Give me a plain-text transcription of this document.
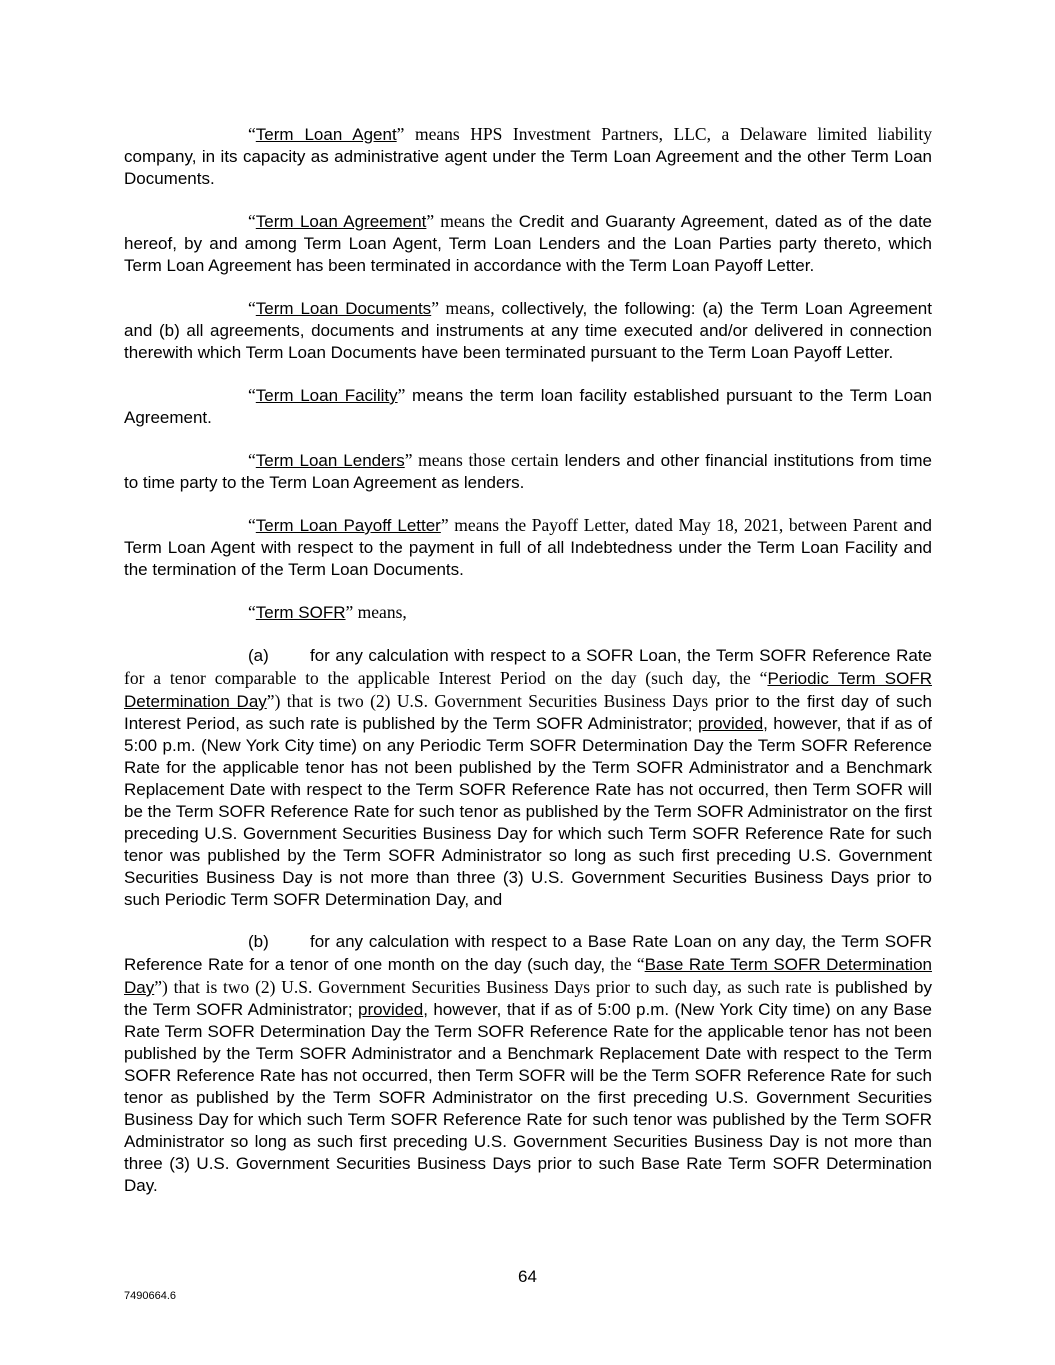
“Term Loan Agent” means HPS Investment Partners, LLC, a Delaware limited liability company, in its capacity as administrative agent under the Term Loan Agreement and the other Term Loan Documents.

“Term Loan Agreement” means the Credit and Guaranty Agreement, dated as of the date hereof, by and among Term Loan Agent, Term Loan Lenders and the Loan Parties party thereto, which Term Loan Agreement has been terminated in accordance with the Term Loan Payoff Letter.

“Term Loan Documents” means, collectively, the following: (a) the Term Loan Agreement and (b) all agreements, documents and instruments at any time executed and/or delivered in connection therewith which Term Loan Documents have been terminated pursuant to the Term Loan Payoff Letter.

“Term Loan Facility” means the term loan facility established pursuant to the Term Loan Agreement.

“Term Loan Lenders” means those certain lenders and other financial institutions from time to time party to the Term Loan Agreement as lenders.

“Term Loan Payoff Letter” means the Payoff Letter, dated May 18, 2021, between Parent and Term Loan Agent with respect to the payment in full of all Indebtedness under the Term Loan Facility and the termination of the Term Loan Documents.

“Term SOFR” means,

(a) for any calculation with respect to a SOFR Loan, the Term SOFR Reference Rate for a tenor comparable to the applicable Interest Period on the day (such day, the “Periodic Term SOFR Determination Day”) that is two (2) U.S. Government Securities Business Days prior to the first day of such Interest Period, as such rate is published by the Term SOFR Administrator; provided, however, that if as of 5:00 p.m. (New York City time) on any Periodic Term SOFR Determination Day the Term SOFR Reference Rate for the applicable tenor has not been published by the Term SOFR Administrator and a Benchmark Replacement Date with respect to the Term SOFR Reference Rate has not occurred, then Term SOFR will be the Term SOFR Reference Rate for such tenor as published by the Term SOFR Administrator on the first preceding U.S. Government Securities Business Day for which such Term SOFR Reference Rate for such tenor was published by the Term SOFR Administrator so long as such first preceding U.S. Government Securities Business Day is not more than three (3) U.S. Government Securities Business Days prior to such Periodic Term SOFR Determination Day, and

(b) for any calculation with respect to a Base Rate Loan on any day, the Term SOFR Reference Rate for a tenor of one month on the day (such day, the “Base Rate Term SOFR Determination Day”) that is two (2) U.S. Government Securities Business Days prior to such day, as such rate is published by the Term SOFR Administrator; provided, however, that if as of 5:00 p.m. (New York City time) on any Base Rate Term SOFR Determination Day the Term SOFR Reference Rate for the applicable tenor has not been published by the Term SOFR Administrator and a Benchmark Replacement Date with respect to the Term SOFR Reference Rate has not occurred, then Term SOFR will be the Term SOFR Reference Rate for such tenor as published by the Term SOFR Administrator on the first preceding U.S. Government Securities Business Day for which such Term SOFR Reference Rate for such tenor was published by the Term SOFR Administrator so long as such first preceding U.S. Government Securities Business Day is not more than three (3) U.S. Government Securities Business Days prior to such Base Rate Term SOFR Determination Day.

64
7490664.6
